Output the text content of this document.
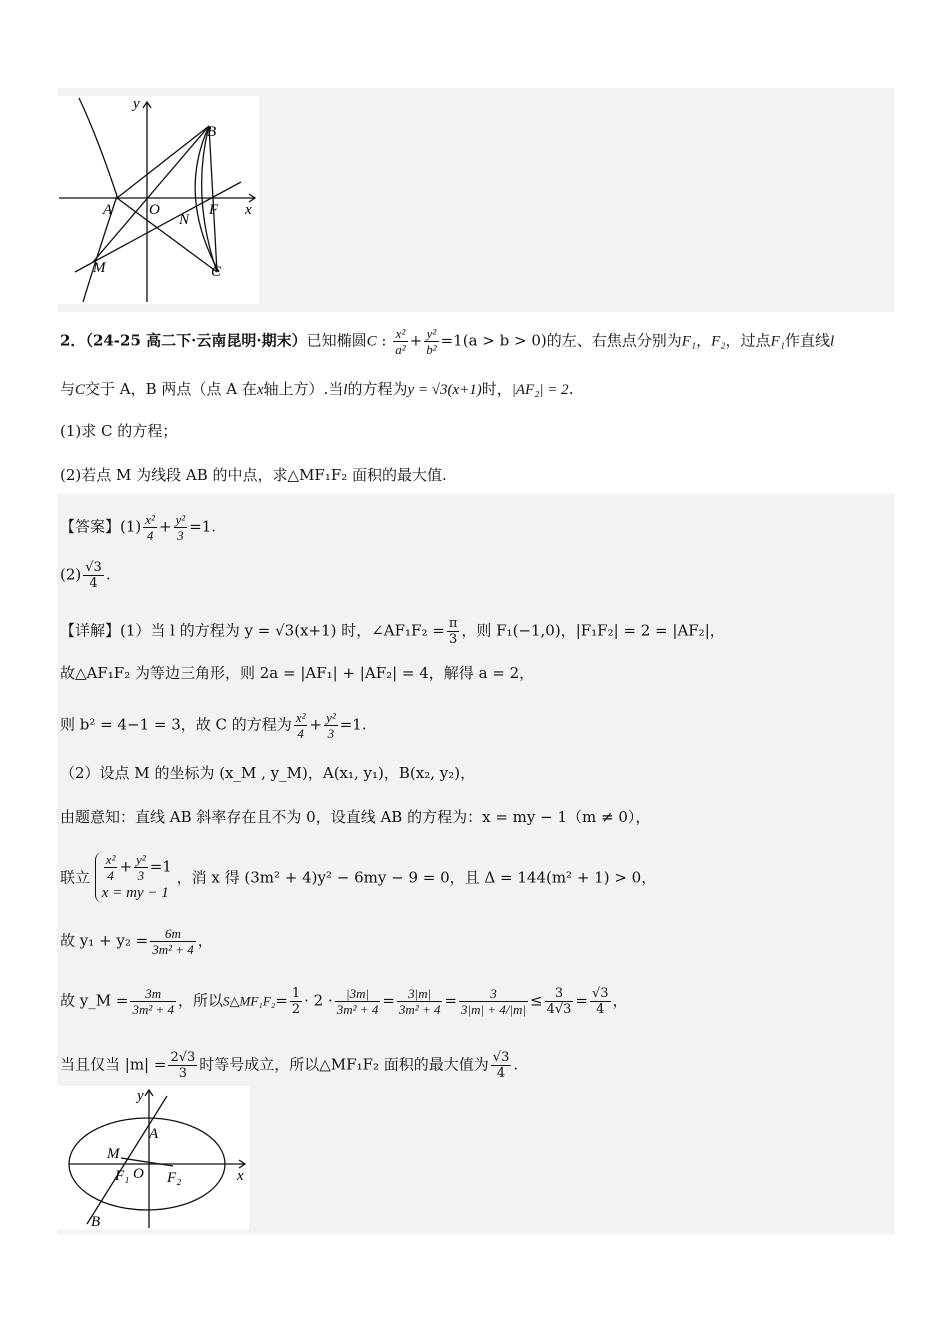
y
x
A O
N
F
B
M	C
2．（24-25 高二下·云南昆明·期末）已知椭圆C : $\frac{\text{x²}}{\text{a²}} + \frac{\text{y²}}{\text{b²}} =1(a > b > 0)$的左、右焦点分别为F₁，F₂，过点F₁作直线l
与C交于 A，B 两点（点 A 在x轴上方）.当l的方程为y = √3(x+1)时，|AF₂| = 2.
(1)求 C 的方程；
(2)若点 M 为线段 AB 的中点，求△MF₁F₂ 面积的最大值.
【答案】$(1) \frac{\text{x²}}{4} + \frac{\text{y²}}{3} =1$.
$(2) \frac{√3}{4}$ .
【详解】(1）当 l 的方程为 y = √3(x+1) 时，∠AF₁F₂ = $\frac{\pi}{3}$ ，则 F₁(−1,0)，|F₁F₂| = 2 = |AF₂|，
故△AF₁F₂ 为等边三角形，则 2a = |AF₁| + |AF₂| = 4，解得 a = 2，
则 b² = 4−1 = 3，故 C 的方程为 $\frac{\text{x²}}{4} + \frac{\text{y²}}{3} =1$.
（2）设点 M 的坐标为 (x_M , y_M)，A(x₁, y₁)，B(x₂, y₂)，
由题意知：直线 AB 斜率存在且不为 0，设直线 AB 的方程为：x = my − 1（m ≠ 0），
联立 $\frac{\text{x²}}{4} + \frac{\text{y²}}{3} =1$
x = my − 1
，消 x 得 (3m² + 4)y² − 6my − 9 = 0，且 Δ = 144(m² + 1) > 0，
故 $y_1 + y_2 = \frac{6m}{\text{3m² + 4}}$ ，
故 y_M = $\frac{3m}{\text{3m² + 4}}$ ，所以S△MF₁F₂= $\frac{1}{2} \cdot 2 \cdot \frac{|3m|}{\text{3m² + 4}} = \frac{3|m|}{\text{3m² + 4}} = \frac{3}{3|m| + 4/|m|} \le \frac{3}{4√3} = \frac{√3}{4}$ ，
当且仅当 $|m| = \frac{2√3}{3}$ 时等号成立，所以△MF₁F₂ 面积的最大值为 $\frac{√3}{4}$ .
y
x
A
M
F₁ O F₂
B
